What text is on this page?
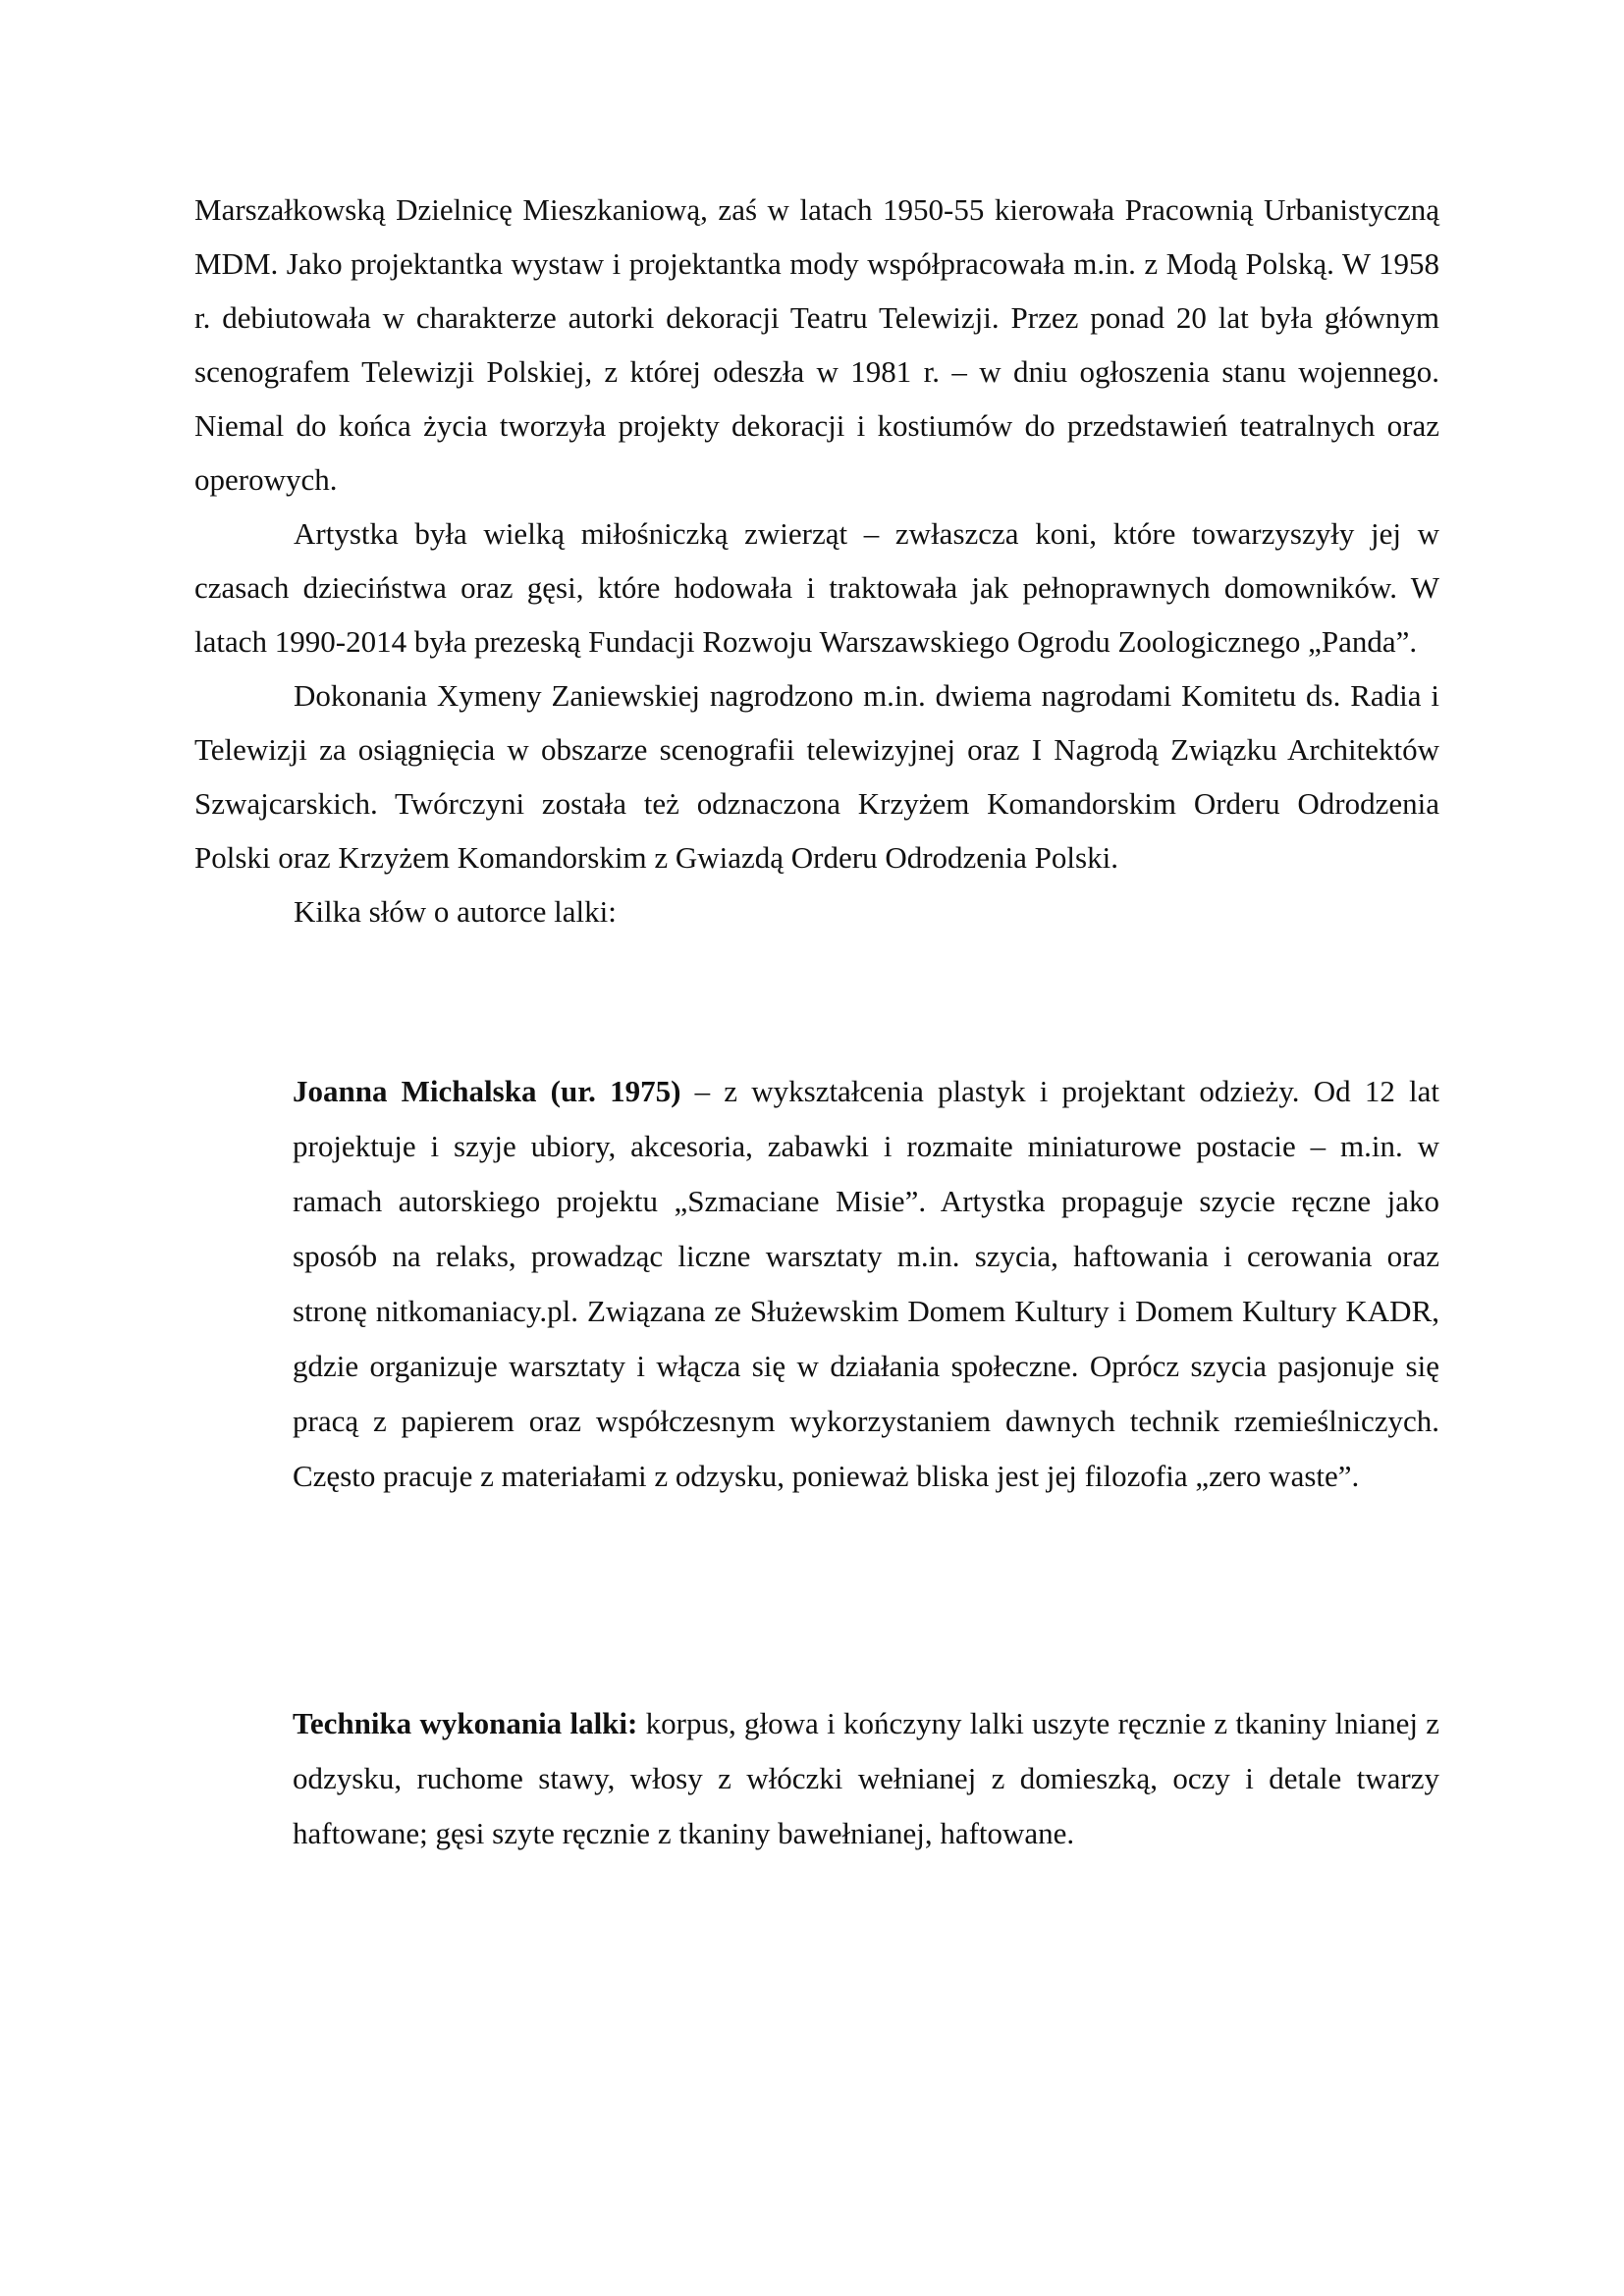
Marszałkowską Dzielnicę Mieszkaniową, zaś w latach 1950-55 kierowała Pracownią Urbanistyczną MDM. Jako projektantka wystaw i projektantka mody współpracowała m.in. z Modą Polską. W 1958 r. debiutowała w charakterze autorki dekoracji Teatru Telewizji. Przez ponad 20 lat była głównym scenografem Telewizji Polskiej, z której odeszła w 1981 r. – w dniu ogłoszenia stanu wojennego. Niemal do końca życia tworzyła projekty dekoracji i kostiumów do przedstawień teatralnych oraz operowych.

Artystka była wielką miłośniczką zwierząt – zwłaszcza koni, które towarzyszyły jej w czasach dzieciństwa oraz gęsi, które hodowała i traktowała jak pełnoprawnych domowników. W latach 1990-2014 była prezeską Fundacji Rozwoju Warszawskiego Ogrodu Zoologicznego „Panda”.

Dokonania Xymeny Zaniewskiej nagrodzono m.in. dwiema nagrodami Komitetu ds. Radia i Telewizji za osiągnięcia w obszarze scenografii telewizyjnej oraz I Nagrodą Związku Architektów Szwajcarskich. Twórczyni została też odznaczona Krzyżem Komandorskim Orderu Odrodzenia Polski oraz Krzyżem Komandorskim z Gwiazdą Orderu Odrodzenia Polski.

Kilka słów o autorce lalki:

Joanna Michalska (ur. 1975) – z wykształcenia plastyk i projektant odzieży. Od 12 lat projektuje i szyje ubiory, akcesoria, zabawki i rozmaite miniaturowe postacie – m.in. w ramach autorskiego projektu „Szmaciane Misie”. Artystka propaguje szycie ręczne jako sposób na relaks, prowadząc liczne warsztaty m.in. szycia, haftowania i cerowania oraz stronę nitkomaniacy.pl. Związana ze Służewskim Domem Kultury i Domem Kultury KADR, gdzie organizuje warsztaty i włącza się w działania społeczne. Oprócz szycia pasjonuje się pracą z papierem oraz współczesnym wykorzystaniem dawnych technik rzemieślniczych. Często pracuje z materiałami z odzysku, ponieważ bliska jest jej filozofia „zero waste”.

Technika wykonania lalki: korpus, głowa i kończyny lalki uszyte ręcznie z tkaniny lnianej z odzysku, ruchome stawy, włosy z włóczki wełnianej z domieszką, oczy i detale twarzy haftowane; gęsi szyte ręcznie z tkaniny bawełnianej, haftowane.
